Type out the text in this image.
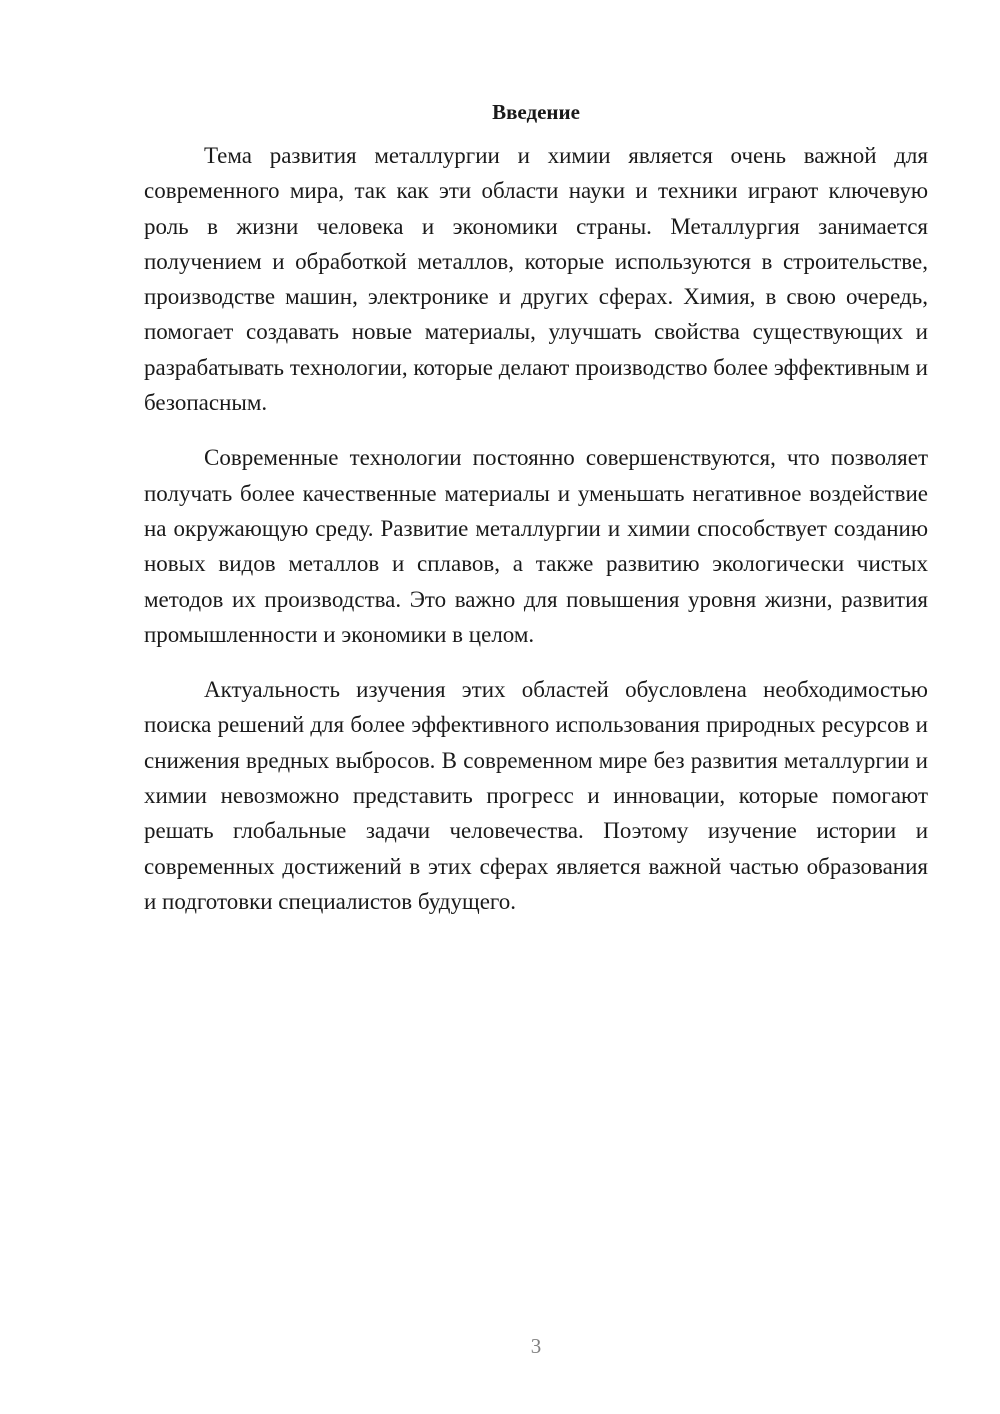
Введение

Тема развития металлургии и химии является очень важной для современного мира, так как эти области науки и техники играют ключевую роль в жизни человека и экономики страны. Металлургия занимается получением и обработкой металлов, которые используются в строительстве, производстве машин, электронике и других сферах. Химия, в свою очередь, помогает создавать новые материалы, улучшать свойства существующих и разрабатывать технологии, которые делают производство более эффективным и безопасным.

Современные технологии постоянно совершенствуются, что позволяет получать более качественные материалы и уменьшать негативное воздействие на окружающую среду. Развитие металлургии и химии способствует созданию новых видов металлов и сплавов, а также развитию экологически чистых методов их производства. Это важно для повышения уровня жизни, развития промышленности и экономики в целом.

Актуальность изучения этих областей обусловлена необходимостью поиска решений для более эффективного использования природных ресурсов и снижения вредных выбросов. В современном мире без развития металлургии и химии невозможно представить прогресс и инновации, которые помогают решать глобальные задачи человечества. Поэтому изучение истории и современных достижений в этих сферах является важной частью образования и подготовки специалистов будущего.

3
